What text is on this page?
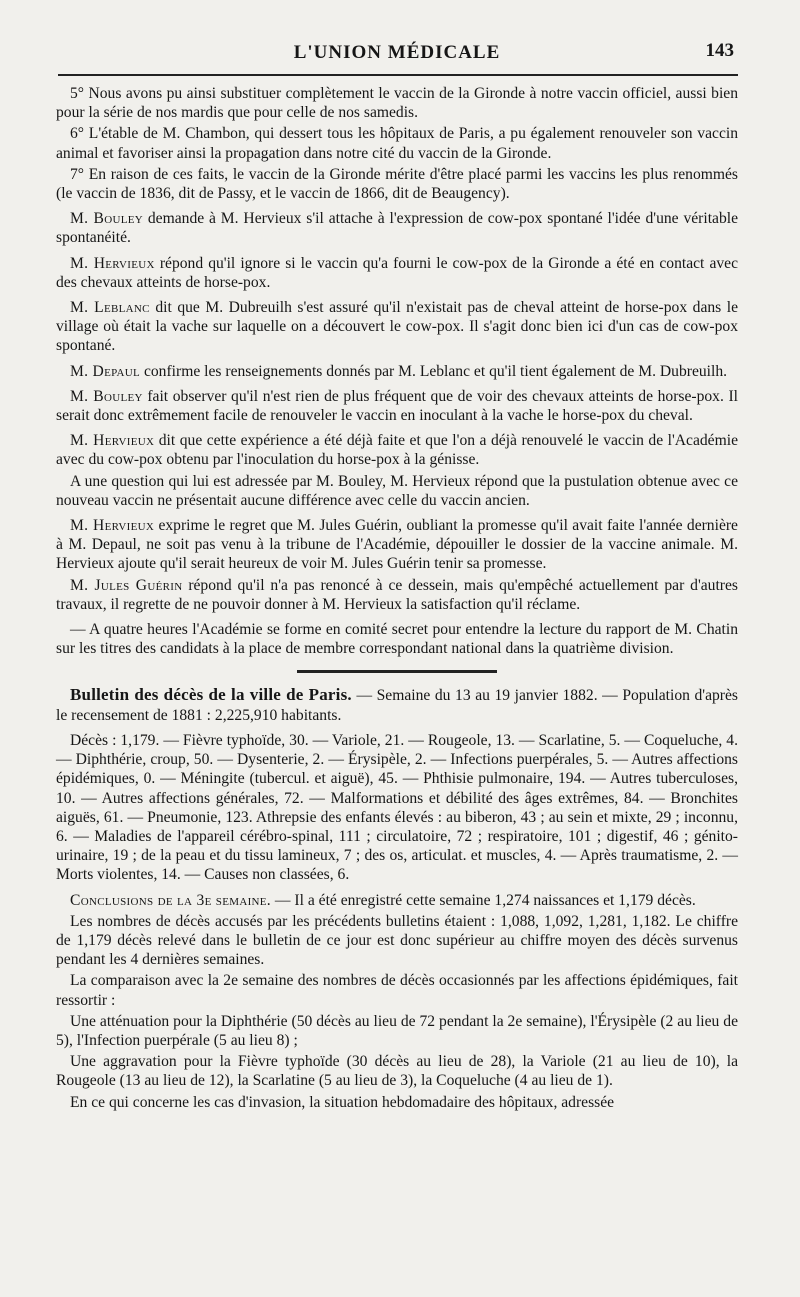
L'UNION MÉDICALE	143

5° Nous avons pu ainsi substituer complètement le vaccin de la Gironde à notre vaccin officiel, aussi bien pour la série de nos mardis que pour celle de nos samedis.

6° L'étable de M. Chambon, qui dessert tous les hôpitaux de Paris, a pu également renouveler son vaccin animal et favoriser ainsi la propagation dans notre cité du vaccin de la Gironde.

7° En raison de ces faits, le vaccin de la Gironde mérite d'être placé parmi les vaccins les plus renommés (le vaccin de 1836, dit de Passy, et le vaccin de 1866, dit de Beaugency).

M. Bouley demande à M. Hervieux s'il attache à l'expression de cow-pox spontané l'idée d'une véritable spontanéité.

M. Hervieux répond qu'il ignore si le vaccin qu'a fourni le cow-pox de la Gironde a été en contact avec des chevaux atteints de horse-pox.

M. Leblanc dit que M. Dubreuilh s'est assuré qu'il n'existait pas de cheval atteint de horse-pox dans le village où était la vache sur laquelle on a découvert le cow-pox. Il s'agit donc bien ici d'un cas de cow-pox spontané.

M. Depaul confirme les renseignements donnés par M. Leblanc et qu'il tient également de M. Dubreuilh.

M. Bouley fait observer qu'il n'est rien de plus fréquent que de voir des chevaux atteints de horse-pox. Il serait donc extrêmement facile de renouveler le vaccin en inoculant à la vache le horse-pox du cheval.

M. Hervieux dit que cette expérience a été déjà faite et que l'on a déjà renouvelé le vaccin de l'Académie avec du cow-pox obtenu par l'inoculation du horse-pox à la génisse.

A une question qui lui est adressée par M. Bouley, M. Hervieux répond que la pustulation obtenue avec ce nouveau vaccin ne présentait aucune différence avec celle du vaccin ancien.

M. Hervieux exprime le regret que M. Jules Guérin, oubliant la promesse qu'il avait faite l'année dernière à M. Depaul, ne soit pas venu à la tribune de l'Académie, dépouiller le dossier de la vaccine animale. M. Hervieux ajoute qu'il serait heureux de voir M. Jules Guérin tenir sa promesse.

M. Jules Guérin répond qu'il n'a pas renoncé à ce dessein, mais qu'empêché actuellement par d'autres travaux, il regrette de ne pouvoir donner à M. Hervieux la satisfaction qu'il réclame.

— A quatre heures l'Académie se forme en comité secret pour entendre la lecture du rapport de M. Chatin sur les titres des candidats à la place de membre correspondant national dans la quatrième division.

Bulletin des décès de la ville de Paris. — Semaine du 13 au 19 janvier 1882. — Population d'après le recensement de 1881 : 2,225,910 habitants.

Décès : 1,179. — Fièvre typhoïde, 30. — Variole, 21. — Rougeole, 13. — Scarlatine, 5. — Coqueluche, 4. — Diphthérie, croup, 50. — Dysenterie, 2. — Érysipèle, 2. — Infections puerpérales, 5. — Autres affections épidémiques, 0. — Méningite (tubercul. et aiguë), 45. — Phthisie pulmonaire, 194. — Autres tuberculoses, 10. — Autres affections générales, 72. — Malformations et débilité des âges extrêmes, 84. — Bronchites aiguës, 61. — Pneumonie, 123. Athrepsie des enfants élevés : au biberon, 43 ; au sein et mixte, 29 ; inconnu, 6. — Maladies de l'appareil cérébro-spinal, 111 ; circulatoire, 72 ; respiratoire, 101 ; digestif, 46 ; génito-urinaire, 19 ; de la peau et du tissu lamineux, 7 ; des os, articulat. et muscles, 4. — Après traumatisme, 2. — Morts violentes, 14. — Causes non classées, 6.

Conclusions de la 3e semaine. — Il a été enregistré cette semaine 1,274 naissances et 1,179 décès.

Les nombres de décès accusés par les précédents bulletins étaient : 1,088, 1,092, 1,281, 1,182. Le chiffre de 1,179 décès relevé dans le bulletin de ce jour est donc supérieur au chiffre moyen des décès survenus pendant les 4 dernières semaines.

La comparaison avec la 2e semaine des nombres de décès occasionnés par les affections épidémiques, fait ressortir :

Une atténuation pour la Diphthérie (50 décès au lieu de 72 pendant la 2e semaine), l'Érysipèle (2 au lieu de 5), l'Infection puerpérale (5 au lieu 8) ;

Une aggravation pour la Fièvre typhoïde (30 décès au lieu de 28), la Variole (21 au lieu de 10), la Rougeole (13 au lieu de 12), la Scarlatine (5 au lieu de 3), la Coqueluche (4 au lieu de 1).

En ce qui concerne les cas d'invasion, la situation hebdomadaire des hôpitaux, adressée
